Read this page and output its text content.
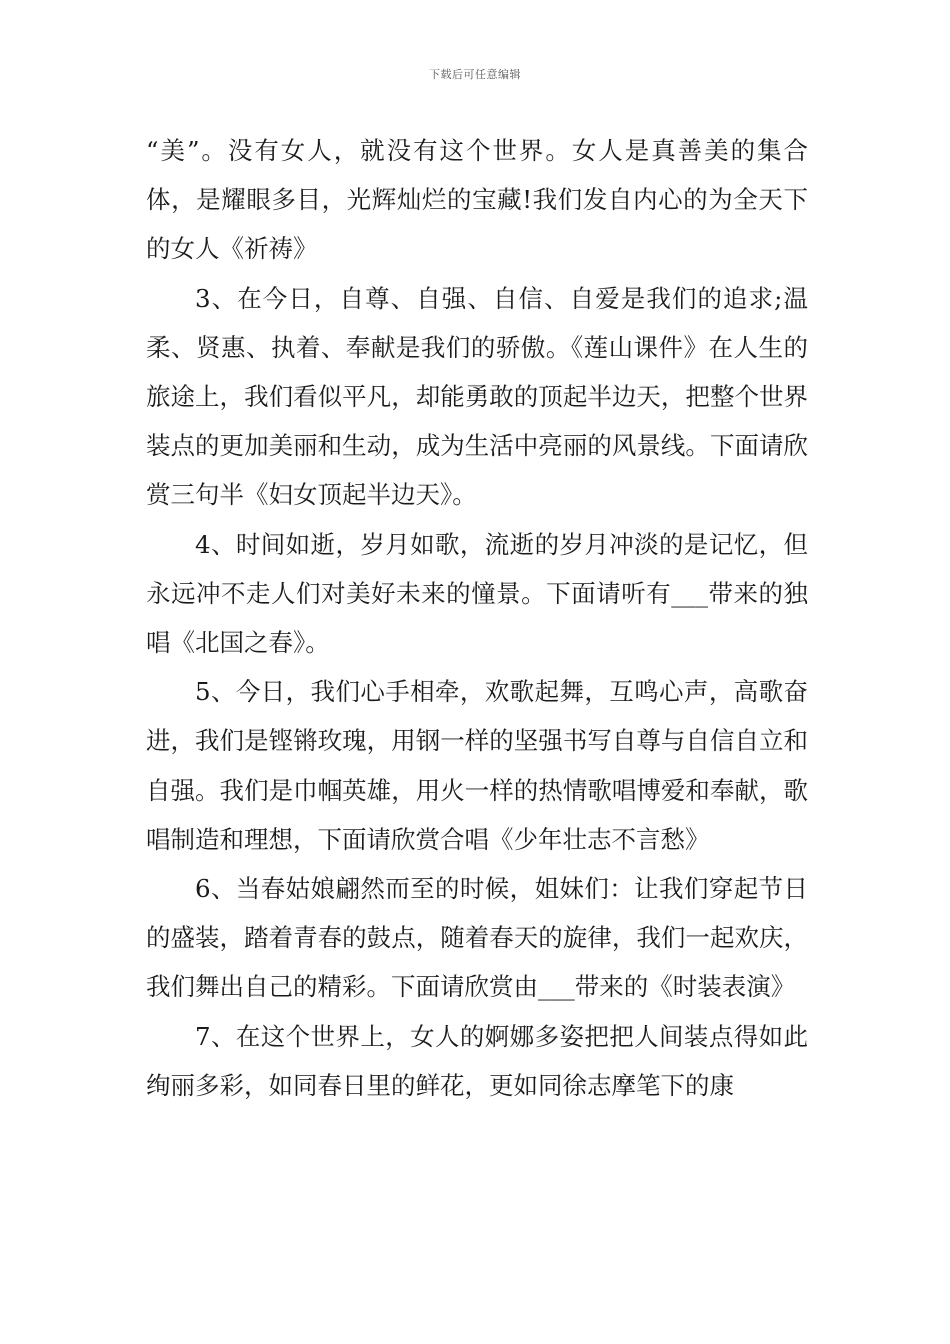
下载后可任意编辑

“美”。没有女人，就没有这个世界。女人是真善美的集合体，是耀眼多目，光辉灿烂的宝藏!我们发自内心的为全天下的女人《祈祷》

3、在今日，自尊、自强、自信、自爱是我们的追求;温柔、贤惠、执着、奉献是我们的骄傲。《莲山课件》在人生的旅途上，我们看似平凡，却能勇敢的顶起半边天，把整个世界装点的更加美丽和生动，成为生活中亮丽的风景线。下面请欣赏三句半《妇女顶起半边天》。

4、时间如逝，岁月如歌，流逝的岁月冲淡的是记忆，但永远冲不走人们对美好未来的憧景。下面请听有___带来的独唱《北国之春》。

5、今日，我们心手相牵，欢歌起舞，互鸣心声，高歌奋进，我们是铿锵玫瑰，用钢一样的坚强书写自尊与自信自立和自强。我们是巾帼英雄，用火一样的热情歌唱博爱和奉献，歌唱制造和理想，下面请欣赏合唱《少年壮志不言愁》

6、当春姑娘翩然而至的时候，姐妹们：让我们穿起节日的盛装，踏着青春的鼓点，随着春天的旋律，我们一起欢庆，我们舞出自己的精彩。下面请欣赏由___带来的《时装表演》

7、在这个世界上，女人的婀娜多姿把把人间装点得如此绚丽多彩，如同春日里的鲜花，更如同徐志摩笔下的康
